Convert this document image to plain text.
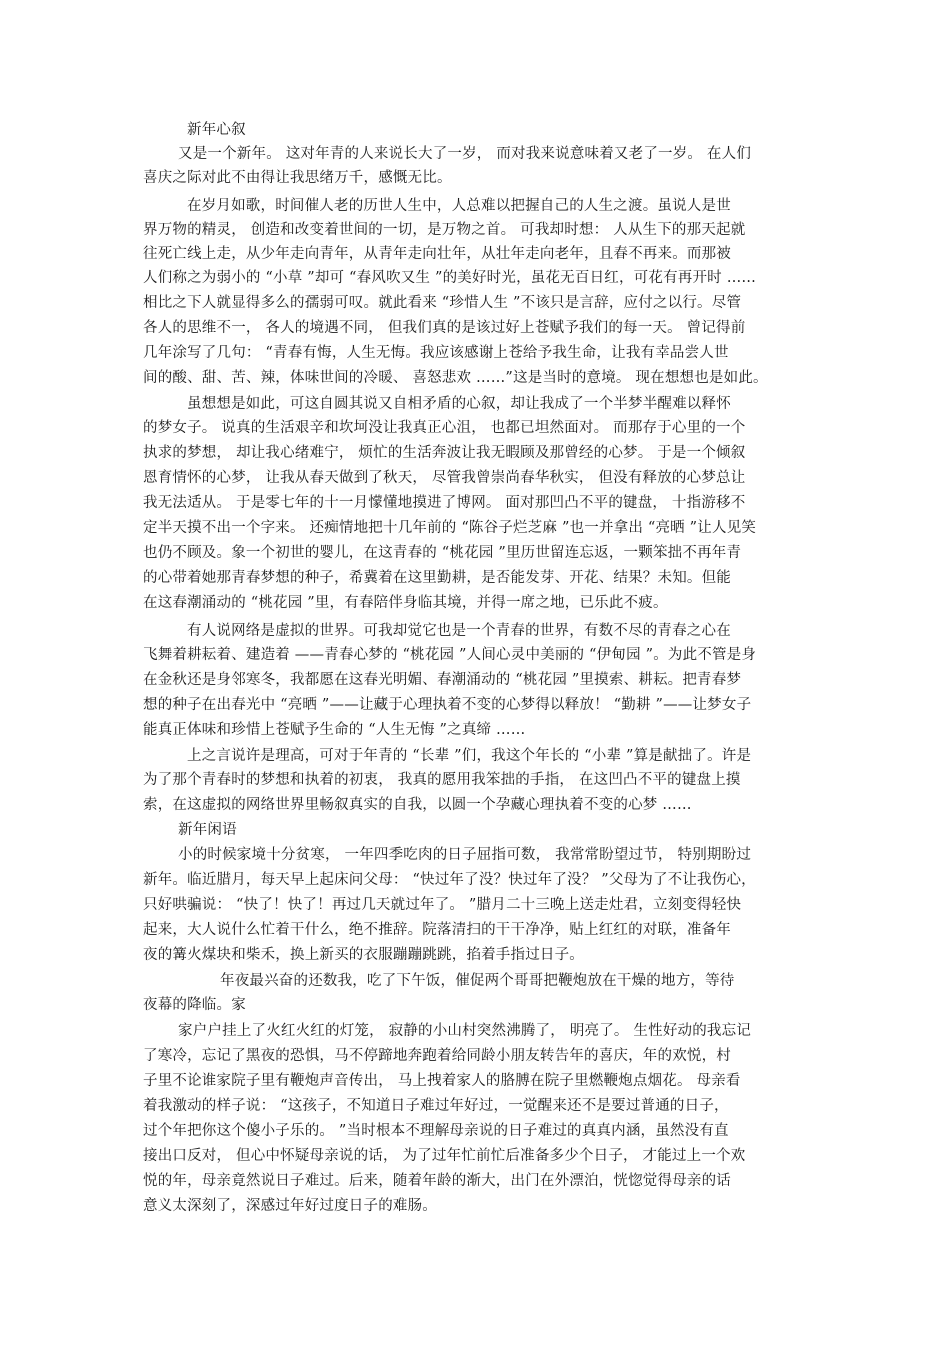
新年心叙
又是一个新年。 这对年青的人来说长大了一岁， 而对我来说意味着又老了一岁。 在人们
喜庆之际对此不由得让我思绪万千，感慨无比。
在岁月如歌，时间催人老的历世人生中，人总难以把握自己的人生之渡。虽说人是世
界万物的精灵， 创造和改变着世间的一切，是万物之首。 可我却时想： 人从生下的那天起就
往死亡线上走，从少年走向青年，从青年走向壮年，从壮年走向老年，且春不再来。而那被
人们称之为弱小的 “小草 ”却可 “春风吹又生 ”的美好时光，虽花无百日红，可花有再开时 ……
相比之下人就显得多么的孺弱可叹。就此看来 “珍惜人生 ”不该只是言辞，应付之以行。尽管
各人的思维不一， 各人的境遇不同， 但我们真的是该过好上苍赋予我们的每一天。 曾记得前
几年涂写了几句： “青春有悔，人生无悔。我应该感谢上苍给予我生命，让我有幸品尝人世
间的酸、甜、苦、辣，体味世间的冷暖、 喜怒悲欢 ……”这是当时的意境。 现在想想也是如此。
虽想想是如此，可这自圆其说又自相矛盾的心叙，却让我成了一个半梦半醒难以释怀
的梦女子。 说真的生活艰辛和坎坷没让我真正心沮， 也都已坦然面对。 而那存于心里的一个
执求的梦想， 却让我心绪难宁， 烦忙的生活奔波让我无暇顾及那曾经的心梦。 于是一个倾叙
恩育情怀的心梦， 让我从春天做到了秋天， 尽管我曾崇尚春华秋实， 但没有释放的心梦总让
我无法适从。 于是零七年的十一月懞懂地摸进了博网。 面对那凹凸不平的键盘， 十指游移不
定半天摸不出一个字来。 还痴情地把十几年前的 “陈谷子烂芝麻 ”也一并拿出 “亮晒 ”让人见笑
也仍不顾及。象一个初世的婴儿，在这青春的 “桃花园 ”里历世留连忘返，一颗笨拙不再年青
的心带着她那青春梦想的种子，希冀着在这里勤耕，是否能发芽、开花、结果？未知。但能
在这春潮涌动的 “桃花园 ”里，有春陪伴身临其境，并得一席之地，已乐此不疲。
有人说网络是虚拟的世界。可我却觉它也是一个青春的世界，有数不尽的青春之心在
飞舞着耕耘着、建造着 ——青春心梦的 “桃花园 ”人间心灵中美丽的 “伊甸园 ”。为此不管是身
在金秋还是身邻寒冬，我都愿在这春光明媚、春潮涌动的 “桃花园 ”里摸索、耕耘。把青春梦
想的种子在出春光中 “亮晒 ”——让藏于心理执着不变的心梦得以释放！ “勤耕 ”——让梦女子
能真正体味和珍惜上苍赋予生命的 “人生无悔 ”之真缔 ……
上之言说许是理高，可对于年青的 “长辈 ”们，我这个年长的 “小辈 ”算是献拙了。许是
为了那个青春时的梦想和执着的初衷， 我真的愿用我笨拙的手指， 在这凹凸不平的键盘上摸
索，在这虚拟的网络世界里畅叙真实的自我，以圆一个孕藏心理执着不变的心梦 ……
新年闲语
小的时候家境十分贫寒， 一年四季吃肉的日子屈指可数， 我常常盼望过节， 特别期盼过
新年。临近腊月，每天早上起床问父母： “快过年了没？快过年了没？ ”父母为了不让我伤心，
只好哄骗说： “快了！快了！再过几天就过年了。 ”腊月二十三晚上送走灶君，立刻变得轻快
起来，大人说什么忙着干什么，绝不推辞。院落清扫的干干净净，贴上红红的对联，准备年
夜的篝火煤块和柴禾，换上新买的衣服蹦蹦跳跳，掐着手指过日子。
年夜最兴奋的还数我，吃了下午饭，催促两个哥哥把鞭炮放在干燥的地方，等待
夜幕的降临。家
家户户挂上了火红火红的灯笼， 寂静的小山村突然沸腾了， 明亮了。 生性好动的我忘记
了寒冷，忘记了黑夜的恐惧，马不停蹄地奔跑着给同龄小朋友转告年的喜庆，年的欢悦，村
子里不论谁家院子里有鞭炮声音传出， 马上拽着家人的胳膊在院子里燃鞭炮点烟花。 母亲看
着我激动的样子说： “这孩子，不知道日子难过年好过，一觉醒来还不是要过普通的日子，
过个年把你这个傻小子乐的。 ”当时根本不理解母亲说的日子难过的真真内涵，虽然没有直
接出口反对， 但心中怀疑母亲说的话， 为了过年忙前忙后准备多少个日子， 才能过上一个欢
悦的年，母亲竟然说日子难过。后来，随着年龄的渐大，出门在外漂泊，恍惚觉得母亲的话
意义太深刻了，深感过年好过度日子的难肠。
